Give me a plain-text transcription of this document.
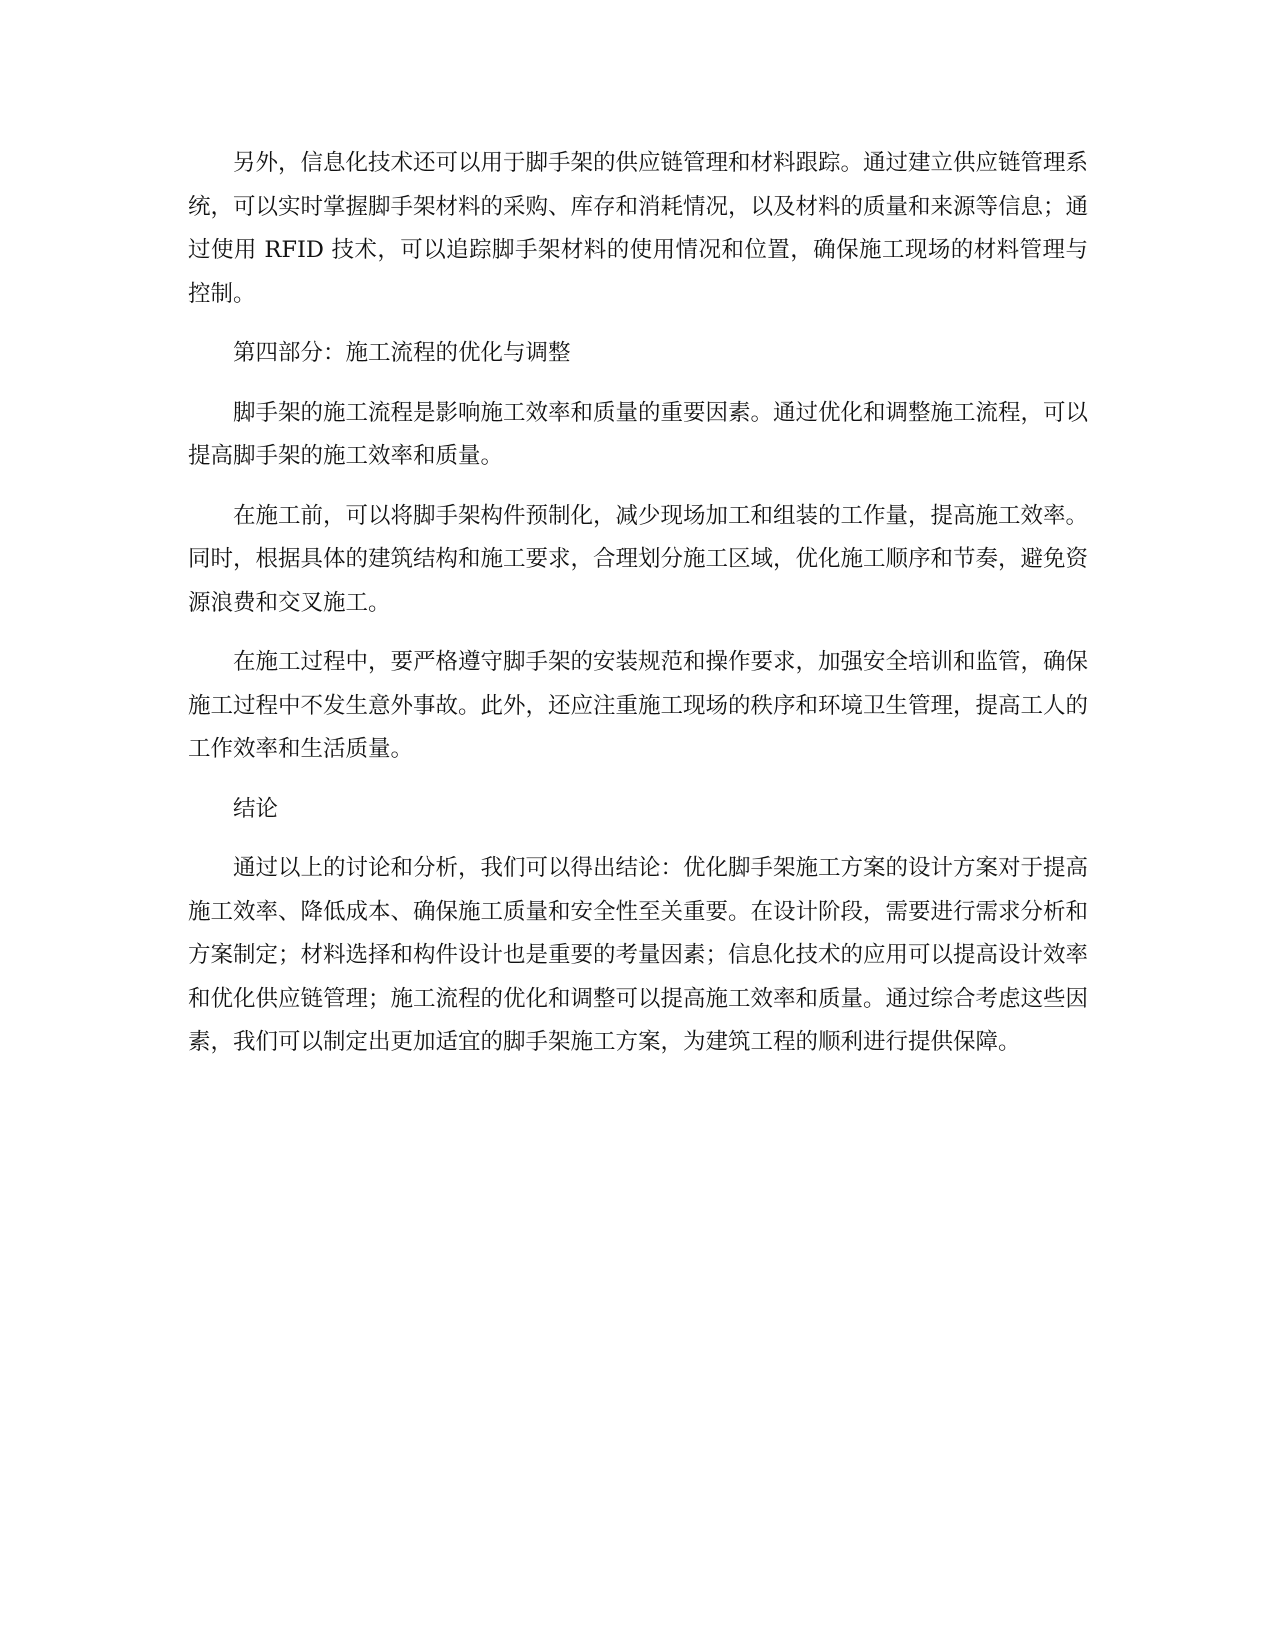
另外，信息化技术还可以用于脚手架的供应链管理和材料跟踪。通过建立供应链管理系统，可以实时掌握脚手架材料的采购、库存和消耗情况，以及材料的质量和来源等信息；通过使用 RFID 技术，可以追踪脚手架材料的使用情况和位置，确保施工现场的材料管理与控制。

第四部分：施工流程的优化与调整

脚手架的施工流程是影响施工效率和质量的重要因素。通过优化和调整施工流程，可以提高脚手架的施工效率和质量。

在施工前，可以将脚手架构件预制化，减少现场加工和组装的工作量，提高施工效率。同时，根据具体的建筑结构和施工要求，合理划分施工区域，优化施工顺序和节奏，避免资源浪费和交叉施工。

在施工过程中，要严格遵守脚手架的安装规范和操作要求，加强安全培训和监管，确保施工过程中不发生意外事故。此外，还应注重施工现场的秩序和环境卫生管理，提高工人的工作效率和生活质量。

结论

通过以上的讨论和分析，我们可以得出结论：优化脚手架施工方案的设计方案对于提高施工效率、降低成本、确保施工质量和安全性至关重要。在设计阶段，需要进行需求分析和方案制定；材料选择和构件设计也是重要的考量因素；信息化技术的应用可以提高设计效率和优化供应链管理；施工流程的优化和调整可以提高施工效率和质量。通过综合考虑这些因素，我们可以制定出更加适宜的脚手架施工方案，为建筑工程的顺利进行提供保障。
